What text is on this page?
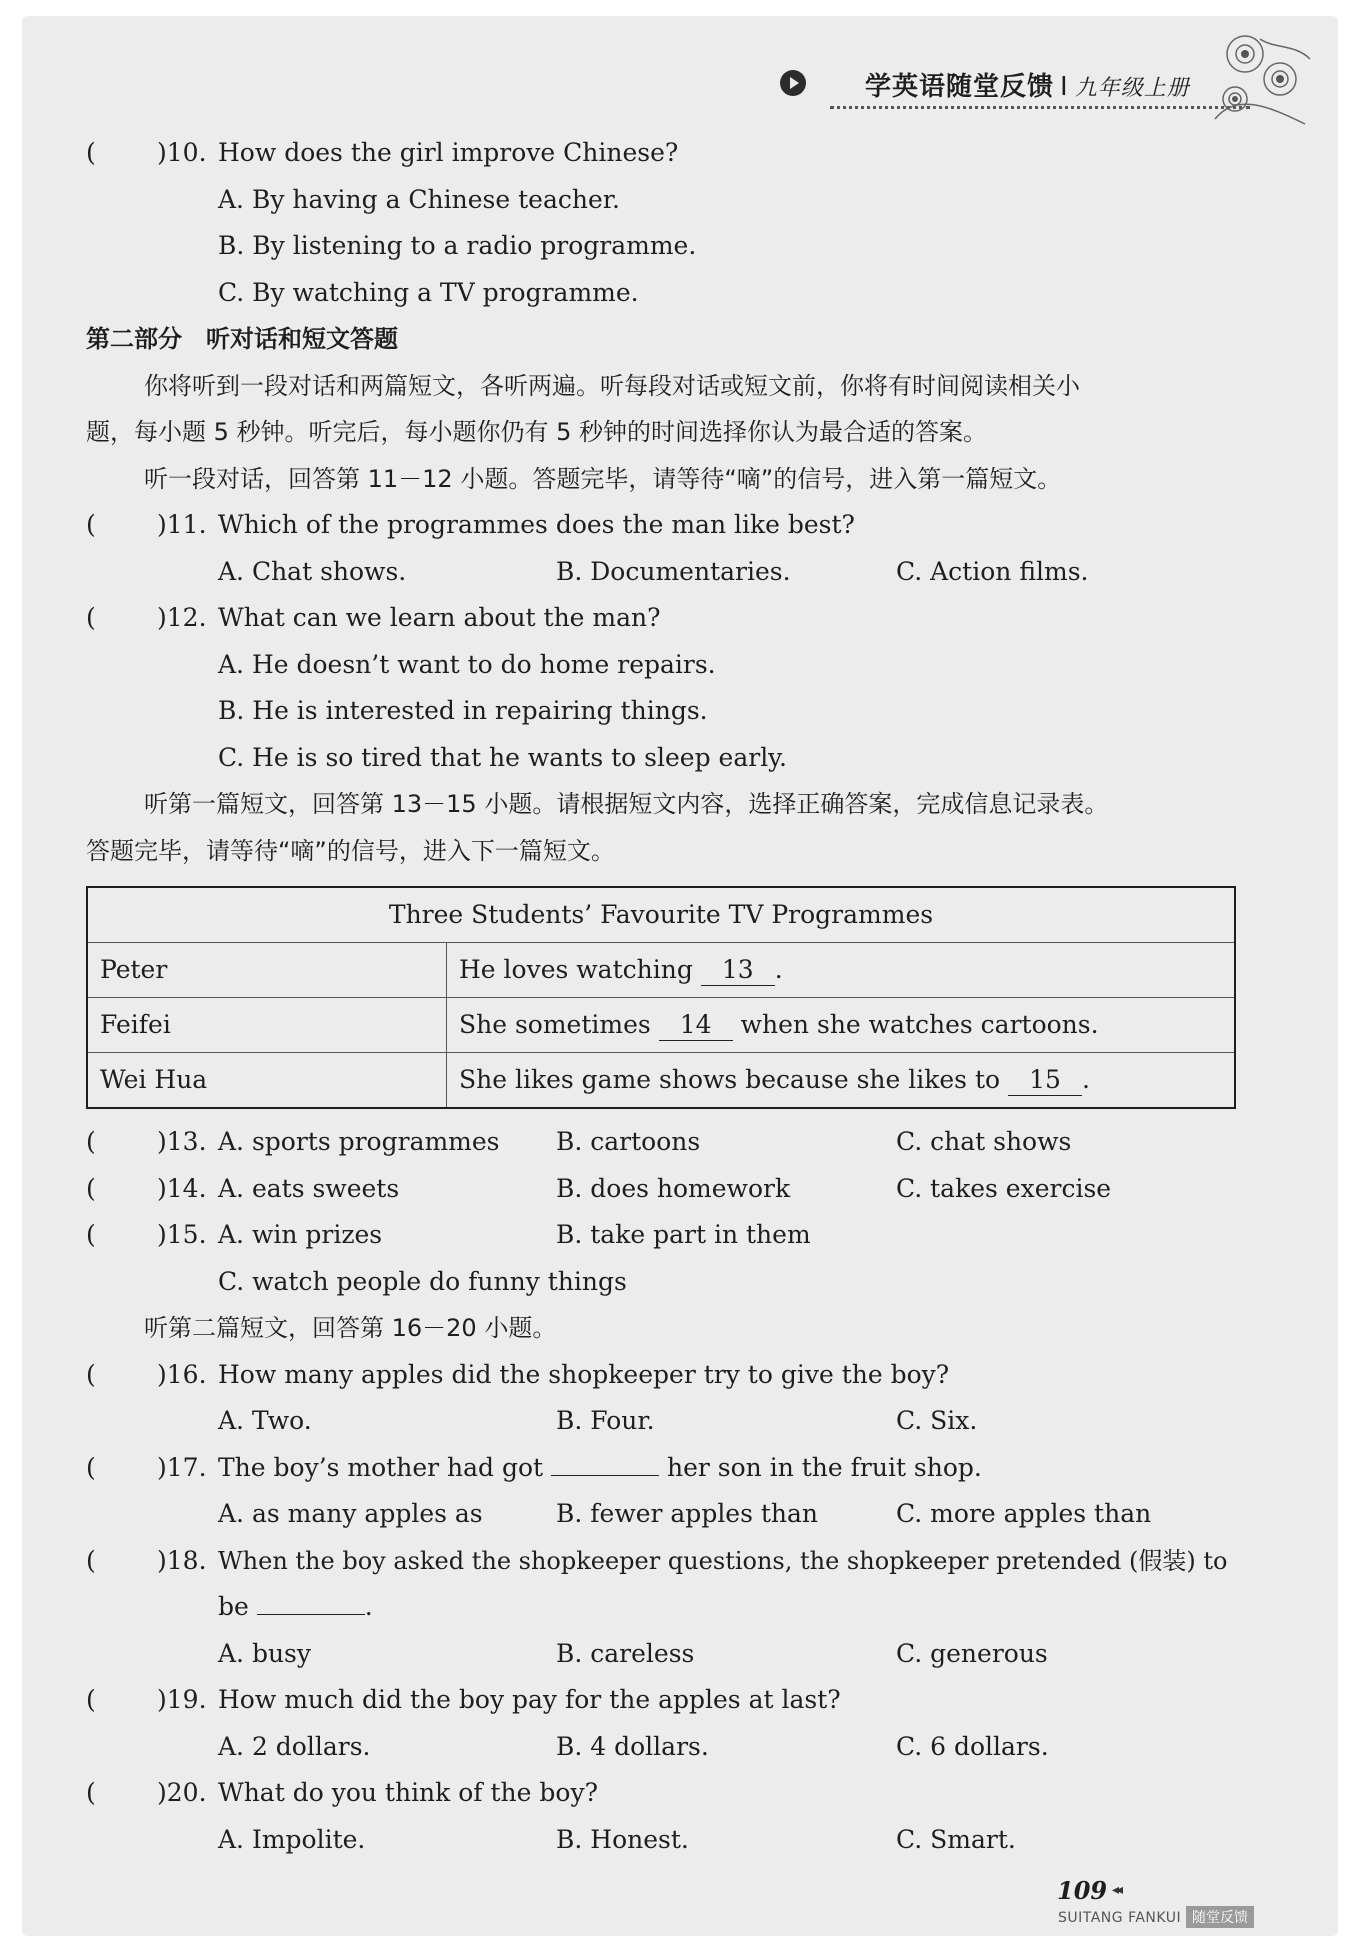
学英语随堂反馈 I 九年级上册
( )10. How does the girl improve Chinese?
A. By having a Chinese teacher.
B. By listening to a radio programme.
C. By watching a TV programme.
第二部分　听对话和短文答题
你将听到一段对话和两篇短文，各听两遍。听每段对话或短文前，你将有时间阅读相关小
题，每小题 5 秒钟。听完后，每小题你仍有 5 秒钟的时间选择你认为最合适的答案。
听一段对话，回答第 11－12 小题。答题完毕，请等待“嘀”的信号，进入第一篇短文。
( )11. Which of the programmes does the man like best?
A. Chat shows.	B. Documentaries.	C. Action films.
( )12. What can we learn about the man?
A. He doesn’t want to do home repairs.
B. He is interested in repairing things.
C. He is so tired that he wants to sleep early.
听第一篇短文，回答第 13－15 小题。请根据短文内容，选择正确答案，完成信息记录表。
答题完毕，请等待“嘀”的信号，进入下一篇短文。
Three Students’ Favourite TV Programmes	
Peter	He loves watching 13 .
Feifei	She sometimes 14 when she watches cartoons.
Wei Hua	She likes game shows because she likes to 15 .
( )13. A. sports programmes B. cartoons	C. chat shows
( )14. A. eats sweets	B. does homework	C. takes exercise
( )15. A. win prizes	B. take part in them
C. watch people do funny things
听第二篇短文，回答第 16－20 小题。
( )16. How many apples did the shopkeeper try to give the boy?
A. Two.	B. Four.	C. Six.
( )17. The boy’s mother had got	her son in the fruit shop.
A. as many apples as	B. fewer apples than	C. more apples than
( )18. When the boy asked the shopkeeper questions, the shopkeeper pretended (假装) to
be	.
A. busy	B. careless	C. generous
( )19. How much did the boy pay for the apples at last?
A. 2 dollars.	B. 4 dollars.	C. 6 dollars.
( )20. What do you think of the boy?
A. Impolite.	B. Honest.	C. Smart.
109 ◂◂
SUITANG FANKUI 随堂反馈
